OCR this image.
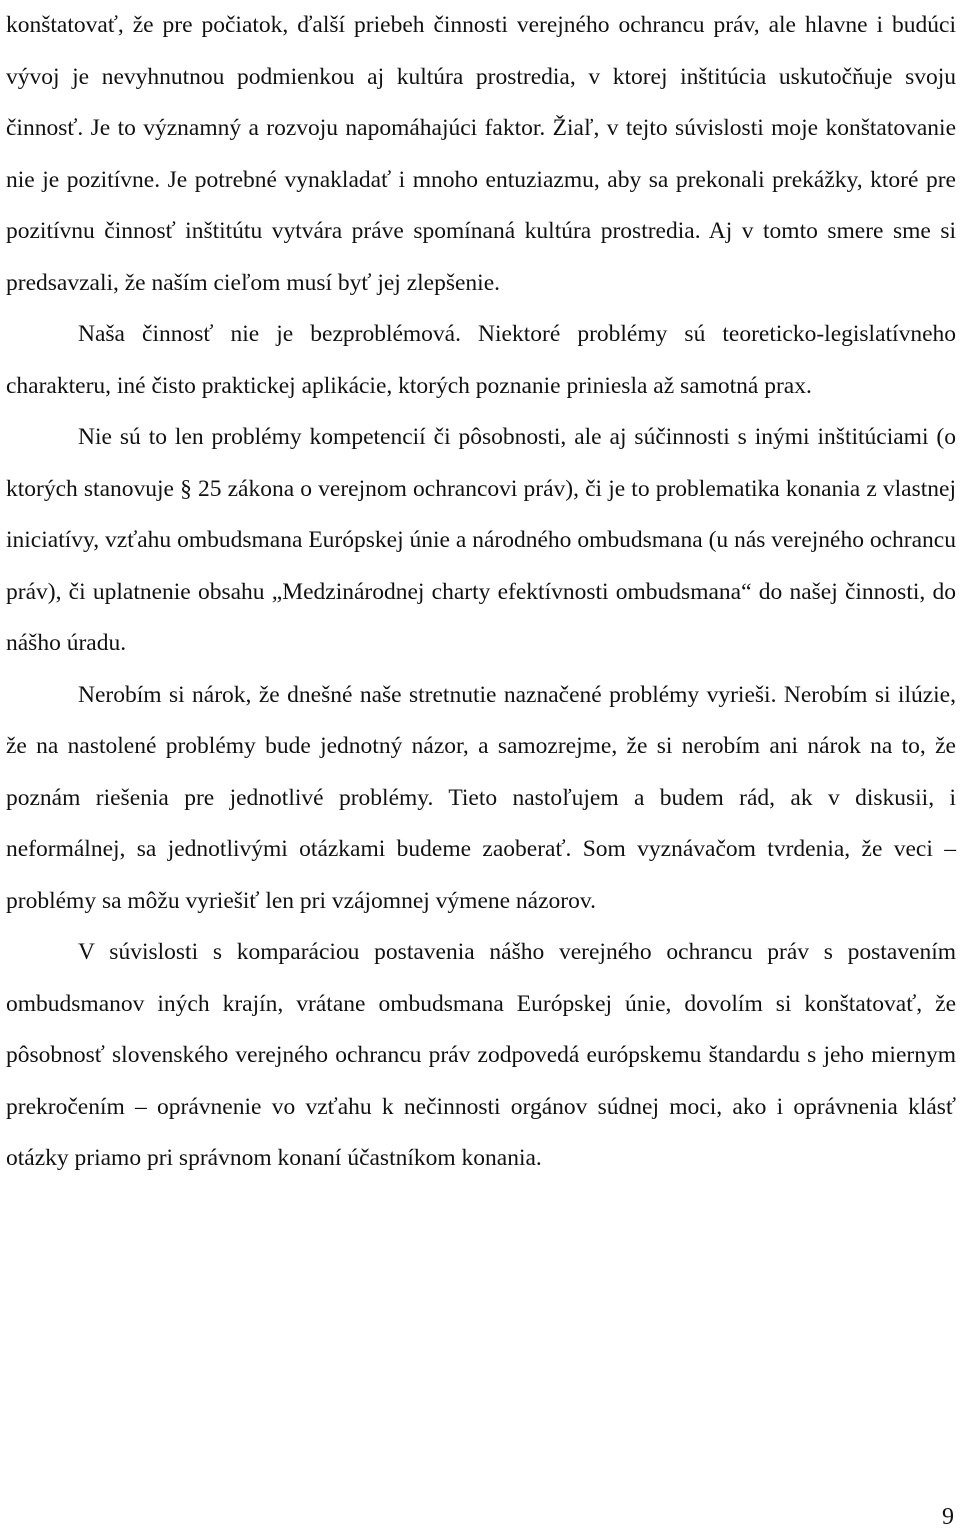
konštatovať, že pre počiatok, ďalší priebeh činnosti verejného ochrancu práv, ale hlavne i budúci vývoj je nevyhnutnou podmienkou aj kultúra prostredia, v ktorej inštitúcia uskutočňuje svoju činnosť. Je to významný a rozvoju napomáhajúci faktor. Žiaľ, v tejto súvislosti moje konštatovanie nie je pozitívne. Je potrebné vynakladať i mnoho entuziazmu, aby sa prekonali prekážky, ktoré pre pozitívnu činnosť inštitútu vytvára práve spomínaná kultúra prostredia. Aj v tomto smere sme si predsavzali, že naším cieľom musí byť jej zlepšenie.

Naša činnosť nie je bezproblémová. Niektoré problémy sú teoreticko-legislatívneho charakteru, iné čisto praktickej aplikácie, ktorých poznanie priniesla až samotná prax.

Nie sú to len problémy kompetencií či pôsobnosti, ale aj súčinnosti s inými inštitúciami (o ktorých stanovuje § 25 zákona o verejnom ochrancovi práv), či je to problematika konania z vlastnej iniciatívy, vzťahu ombudsmana Európskej únie a národného ombudsmana (u nás verejného ochrancu práv), či uplatnenie obsahu „Medzinárodnej charty efektívnosti ombudsmana“ do našej činnosti, do nášho úradu.

Nerobím si nárok, že dnešné naše stretnutie naznačené problémy vyrieši. Nerobím si ilúzie, že na nastolené problémy bude jednotný názor, a samozrejme, že si nerobím ani nárok na to, že poznám riešenia pre jednotlivé problémy. Tieto nastoľujem a budem rád, ak v diskusii, i neformálnej, sa jednotlivými otázkami budeme zaoberať. Som vyznávačom tvrdenia, že veci – problémy sa môžu vyriešiť len pri vzájomnej výmene názorov.

V súvislosti s komparáciou postavenia nášho verejného ochrancu práv s postavením ombudsmanov iných krajín, vrátane ombudsmana Európskej únie, dovolím si konštatovať, že pôsobnosť slovenského verejného ochrancu práv zodpovedá európskemu štandardu s jeho miernym prekročením – oprávnenie vo vzťahu k nečinnosti orgánov súdnej moci, ako i oprávnenia klásť otázky priamo pri správnom konaní účastníkom konania.

9
